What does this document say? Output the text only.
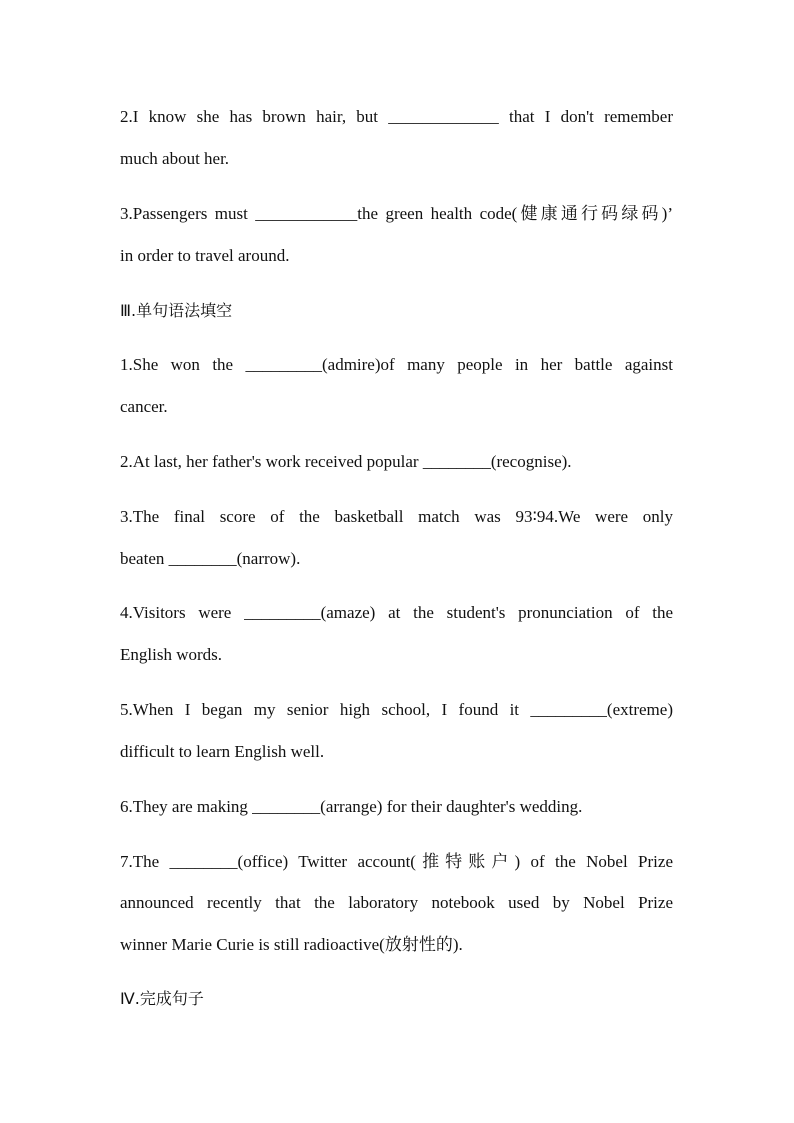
2.I know she has brown hair, but _____________ that I don't remember
much about her.
3.Passengers must ____________the green health code(健康通行码绿码)’
in order to travel around.
Ⅲ.单句语法填空
1.She won the _________(admire)of many people in her battle against
cancer.
2.At last, her father's work received popular ________(recognise).
3.The final score of the basketball match was 93∶94.We were only
beaten ________(narrow).
4.Visitors were _________(amaze) at the student's pronunciation of the
English words.
5.When I began my senior high school, I found it _________(extreme)
difficult to learn English well.
6.They are making ________(arrange) for their daughter's wedding.
7.The ________(office) Twitter account(推特账户) of the Nobel Prize
announced recently that the laboratory notebook used by Nobel Prize
winner Marie Curie is still radioactive(放射性的).
Ⅳ.完成句子
